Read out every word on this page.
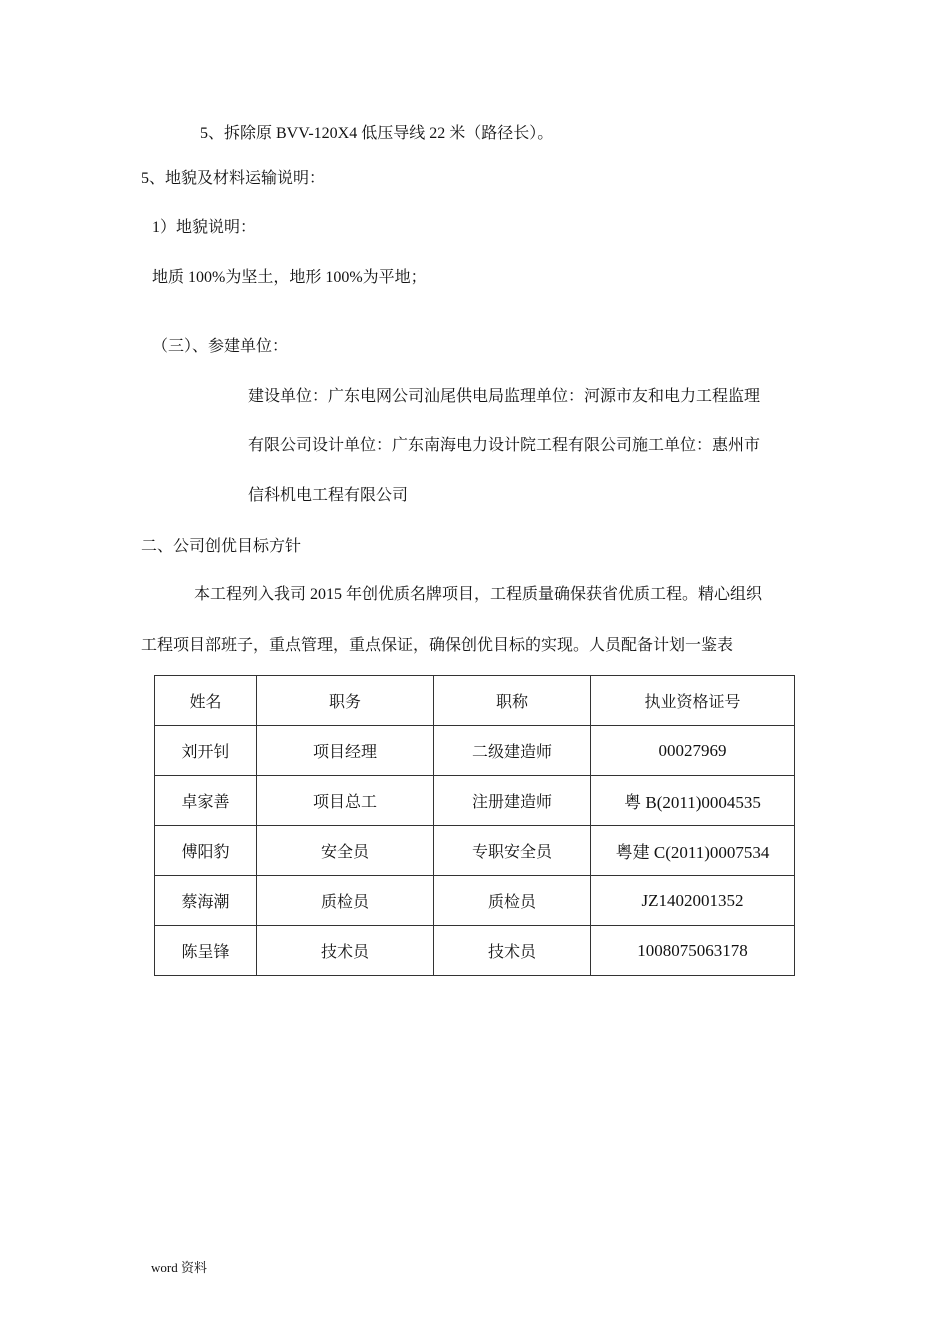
5、拆除原 BVV-120X4 低压导线 22 米（路径长）。
5、地貌及材料运输说明：
1）地貌说明：
地质 100%为坚土，地形 100%为平地；
（三）、参建单位：
建设单位：广东电网公司汕尾供电局监理单位：河源市友和电力工程监理
有限公司设计单位：广东南海电力设计院工程有限公司施工单位：惠州市
信科机电工程有限公司
二、公司创优目标方针
本工程列入我司 2015 年创优质名牌项目，工程质量确保获省优质工程。精心组织
工程项目部班子，重点管理，重点保证，确保创优目标的实现。人员配备计划一鉴表
姓名	职务	职称	执业资格证号
刘开钊	项目经理	二级建造师	00027969
卓家善	项目总工	注册建造师	粤 B(2011)0004535
傅阳豹	安全员	专职安全员	粤建 C(2011)0007534
蔡海潮	质检员	质检员	JZ1402001352
陈呈锋	技术员	技术员	1008075063178
word 资料
